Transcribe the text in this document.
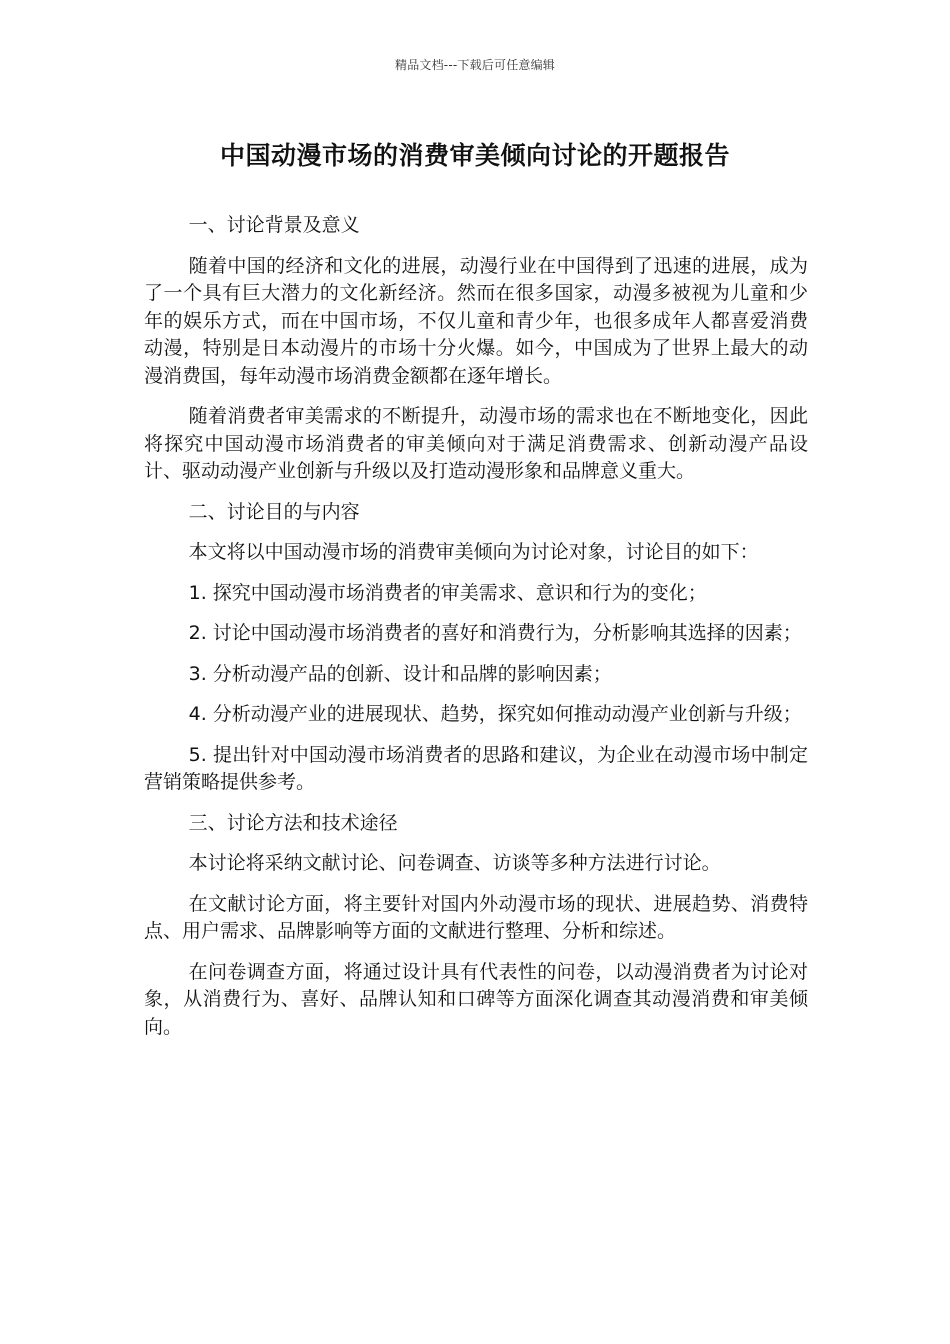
精品文档---下载后可任意编辑
中国动漫市场的消费审美倾向讨论的开题报告

一、讨论背景及意义

随着中国的经济和文化的进展，动漫行业在中国得到了迅速的进展，成为了一个具有巨大潜力的文化新经济。然而在很多国家，动漫多被视为儿童和少年的娱乐方式，而在中国市场，不仅儿童和青少年，也很多成年人都喜爱消费动漫，特别是日本动漫片的市场十分火爆。如今，中国成为了世界上最大的动漫消费国，每年动漫市场消费金额都在逐年增长。

随着消费者审美需求的不断提升，动漫市场的需求也在不断地变化，因此将探究中国动漫市场消费者的审美倾向对于满足消费需求、创新动漫产品设计、驱动动漫产业创新与升级以及打造动漫形象和品牌意义重大。

二、讨论目的与内容

本文将以中国动漫市场的消费审美倾向为讨论对象，讨论目的如下：

1. 探究中国动漫市场消费者的审美需求、意识和行为的变化；

2. 讨论中国动漫市场消费者的喜好和消费行为，分析影响其选择的因素；

3. 分析动漫产品的创新、设计和品牌的影响因素；

4. 分析动漫产业的进展现状、趋势，探究如何推动动漫产业创新与升级；

5. 提出针对中国动漫市场消费者的思路和建议，为企业在动漫市场中制定营销策略提供参考。

三、讨论方法和技术途径

本讨论将采纳文献讨论、问卷调查、访谈等多种方法进行讨论。

在文献讨论方面，将主要针对国内外动漫市场的现状、进展趋势、消费特点、用户需求、品牌影响等方面的文献进行整理、分析和综述。

在问卷调查方面，将通过设计具有代表性的问卷，以动漫消费者为讨论对象，从消费行为、喜好、品牌认知和口碑等方面深化调查其动漫消费和审美倾向。
